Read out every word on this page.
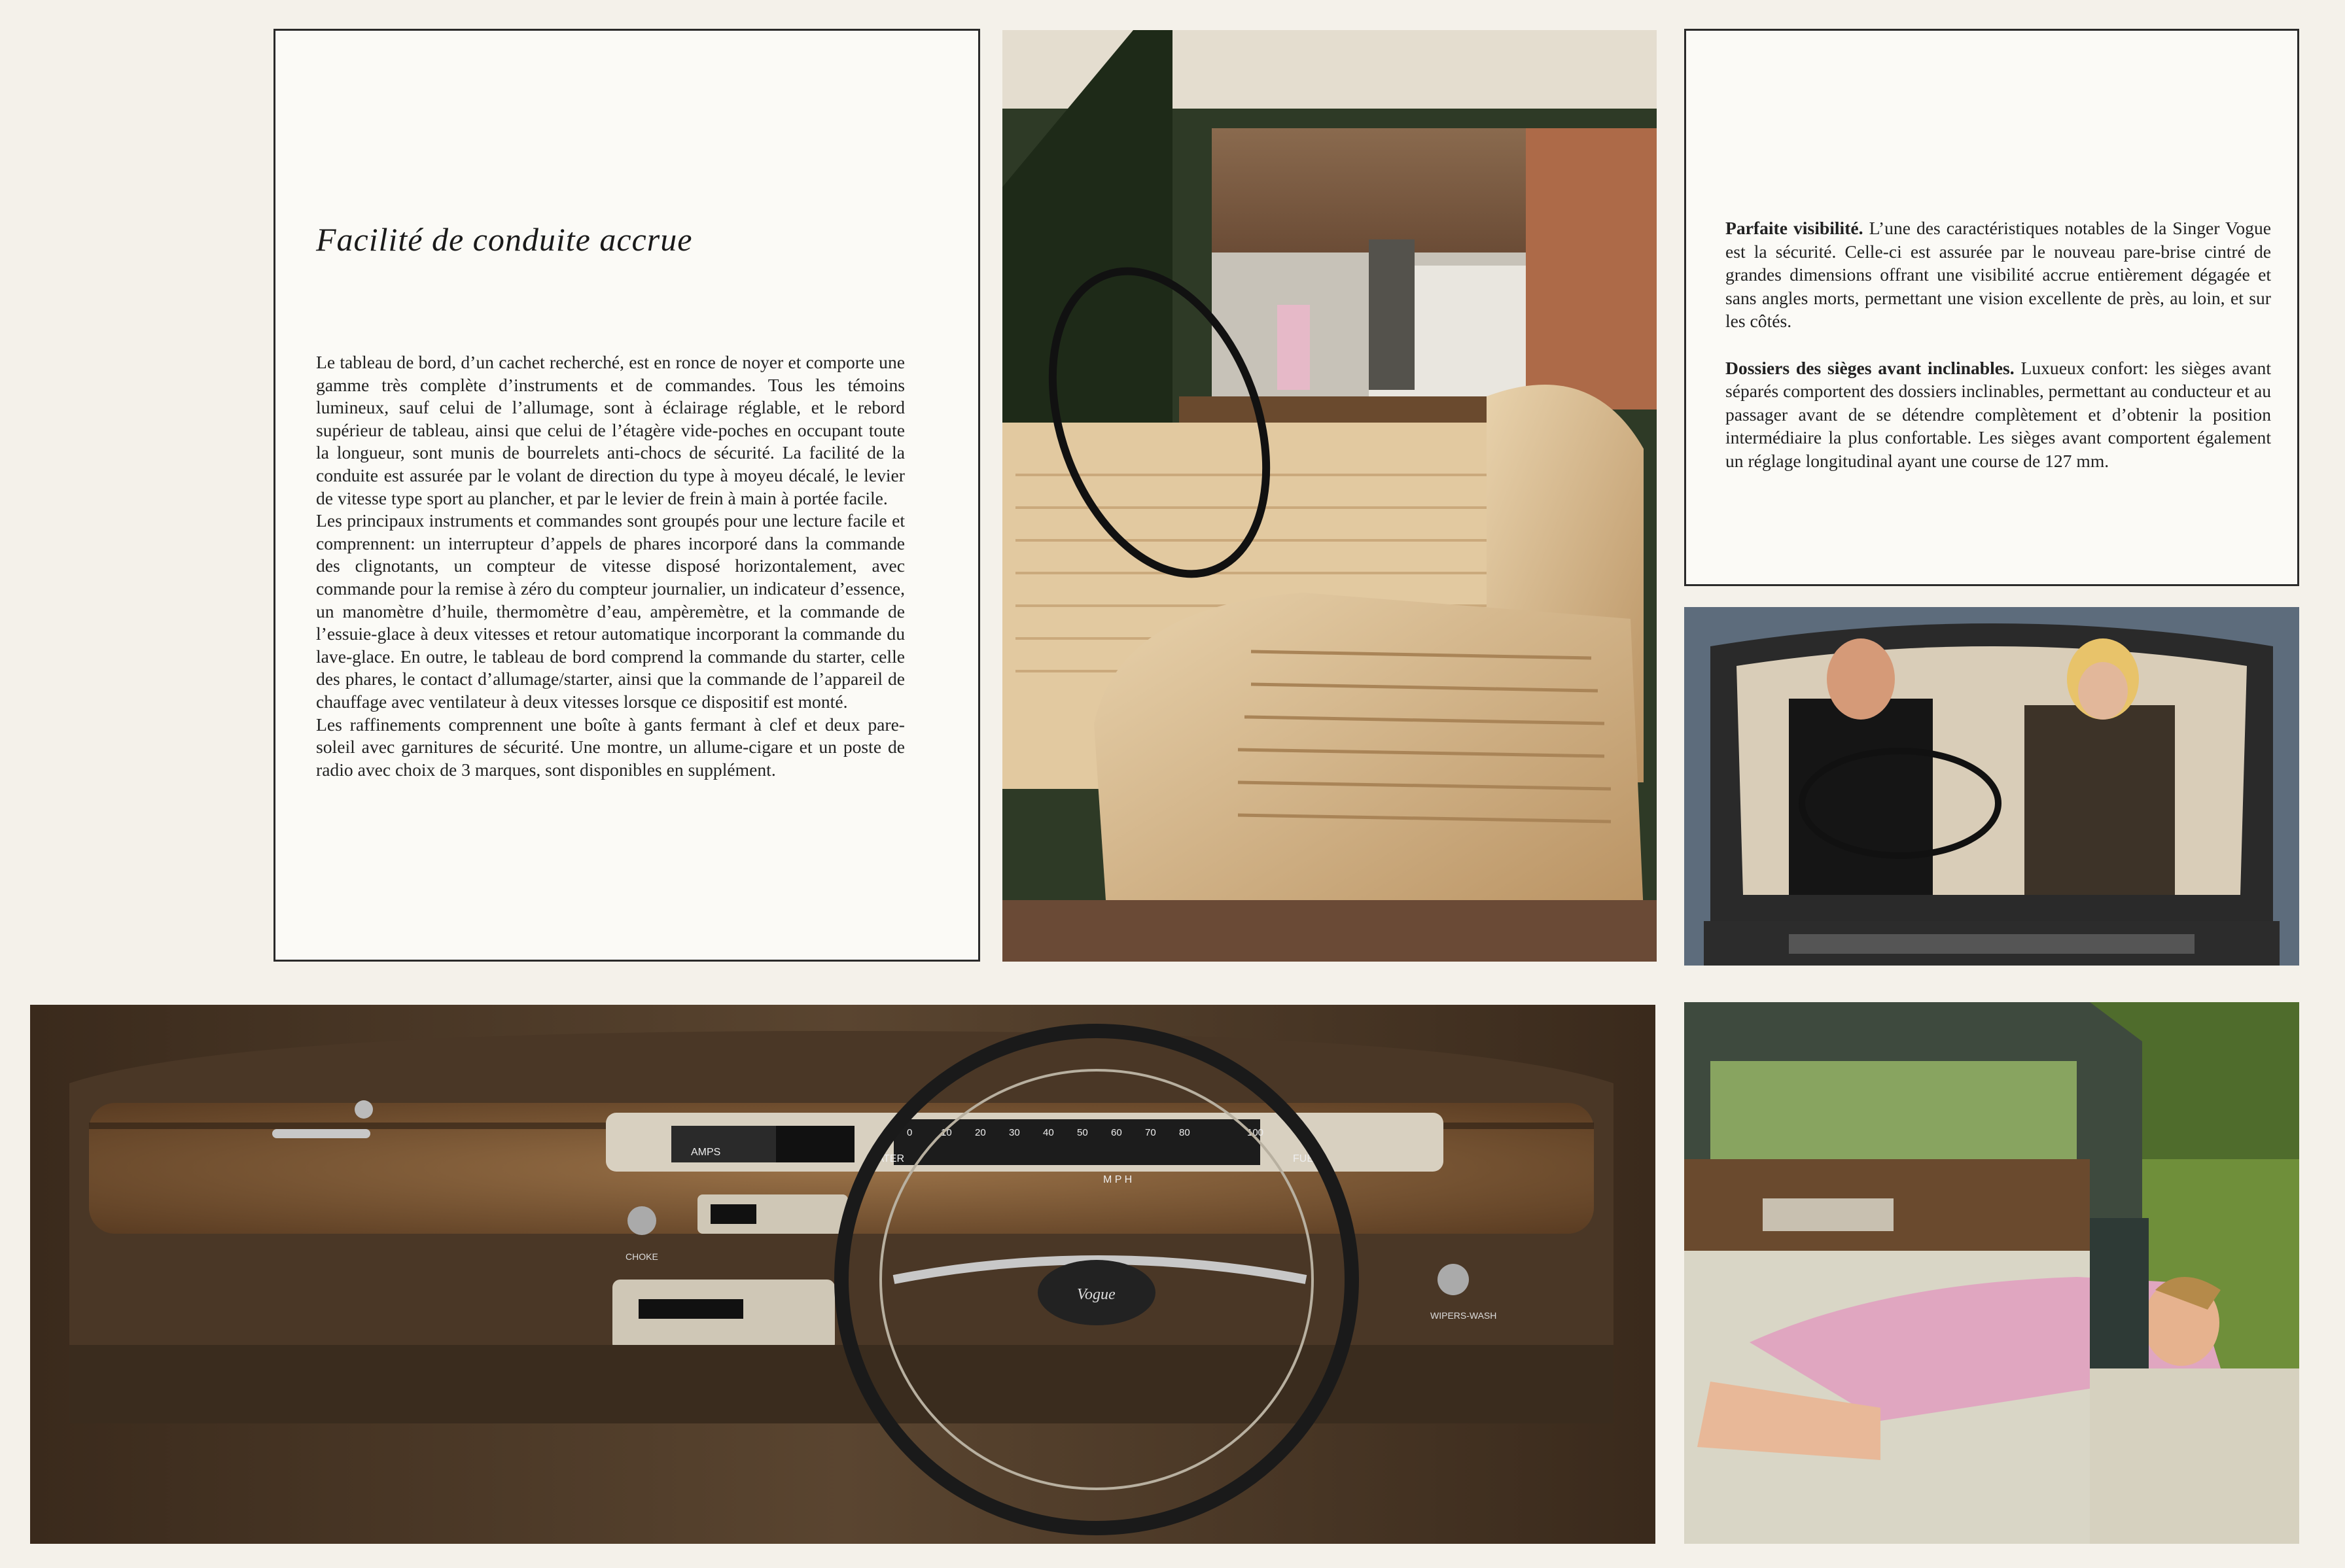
Facilité de conduite accrue

Le tableau de bord, d’un cachet recherché, est en ronce de noyer et comporte une gamme très complète d’instruments et de commandes. Tous les témoins lumineux, sauf celui de l’allumage, sont à éclairage réglable, et le rebord supérieur de tableau, ainsi que celui de l’étagère vide-poches en occupant toute la longueur, sont munis de bourrelets anti-chocs de sécurité. La facilité de la conduite est assurée par le volant de direction du type à moyeu décalé, le levier de vitesse type sport au plancher, et par le levier de frein à main à portée facile.

Les principaux instruments et commandes sont groupés pour une lecture facile et comprennent: un interrupteur d’appels de phares incorporé dans la commande des clignotants, un compteur de vitesse disposé horizontalement, avec commande pour la remise à zéro du compteur journalier, un indicateur d’essence, un manomètre d’huile, thermomètre d’eau, ampèremètre, et la commande de l’essuie-glace à deux vitesses et retour automatique incorporant la commande du lave-glace. En outre, le tableau de bord comprend la commande du starter, celle des phares, le contact d’allumage/starter, ainsi que la commande de l’appareil de chauffage avec ventilateur à deux vitesses lorsque ce dispositif est monté.

Les raffinements comprennent une boîte à gants fermant à clef et deux pare-soleil avec garnitures de sécurité. Une montre, un allume-cigare et un poste de radio avec choix de 3 marques, sont disponibles en supplément.

Parfaite visibilité. L’une des caractéristiques notables de la Singer Vogue est la sécurité. Celle-ci est assurée par le nouveau pare-brise cintré de grandes dimensions offrant une visibilité accrue entièrement dégagée et sans angles morts, permettant une vision excellente de près, au loin, et sur les côtés.

Dossiers des sièges avant inclinables. Luxueux confort: les sièges avant séparés comportent des dossiers inclinables, permettant au conducteur et au passager avant de se détendre complètement et d’obtenir la position intermédiaire la plus confortable. Les sièges avant comportent également un réglage longitudinal ayant une course de 127 mm.

AMPS
WATER	FUEL
M P H
0	10 20 30 40 50 60 70 80	100
CHOKE
WIPERS-WASH
Vogue
